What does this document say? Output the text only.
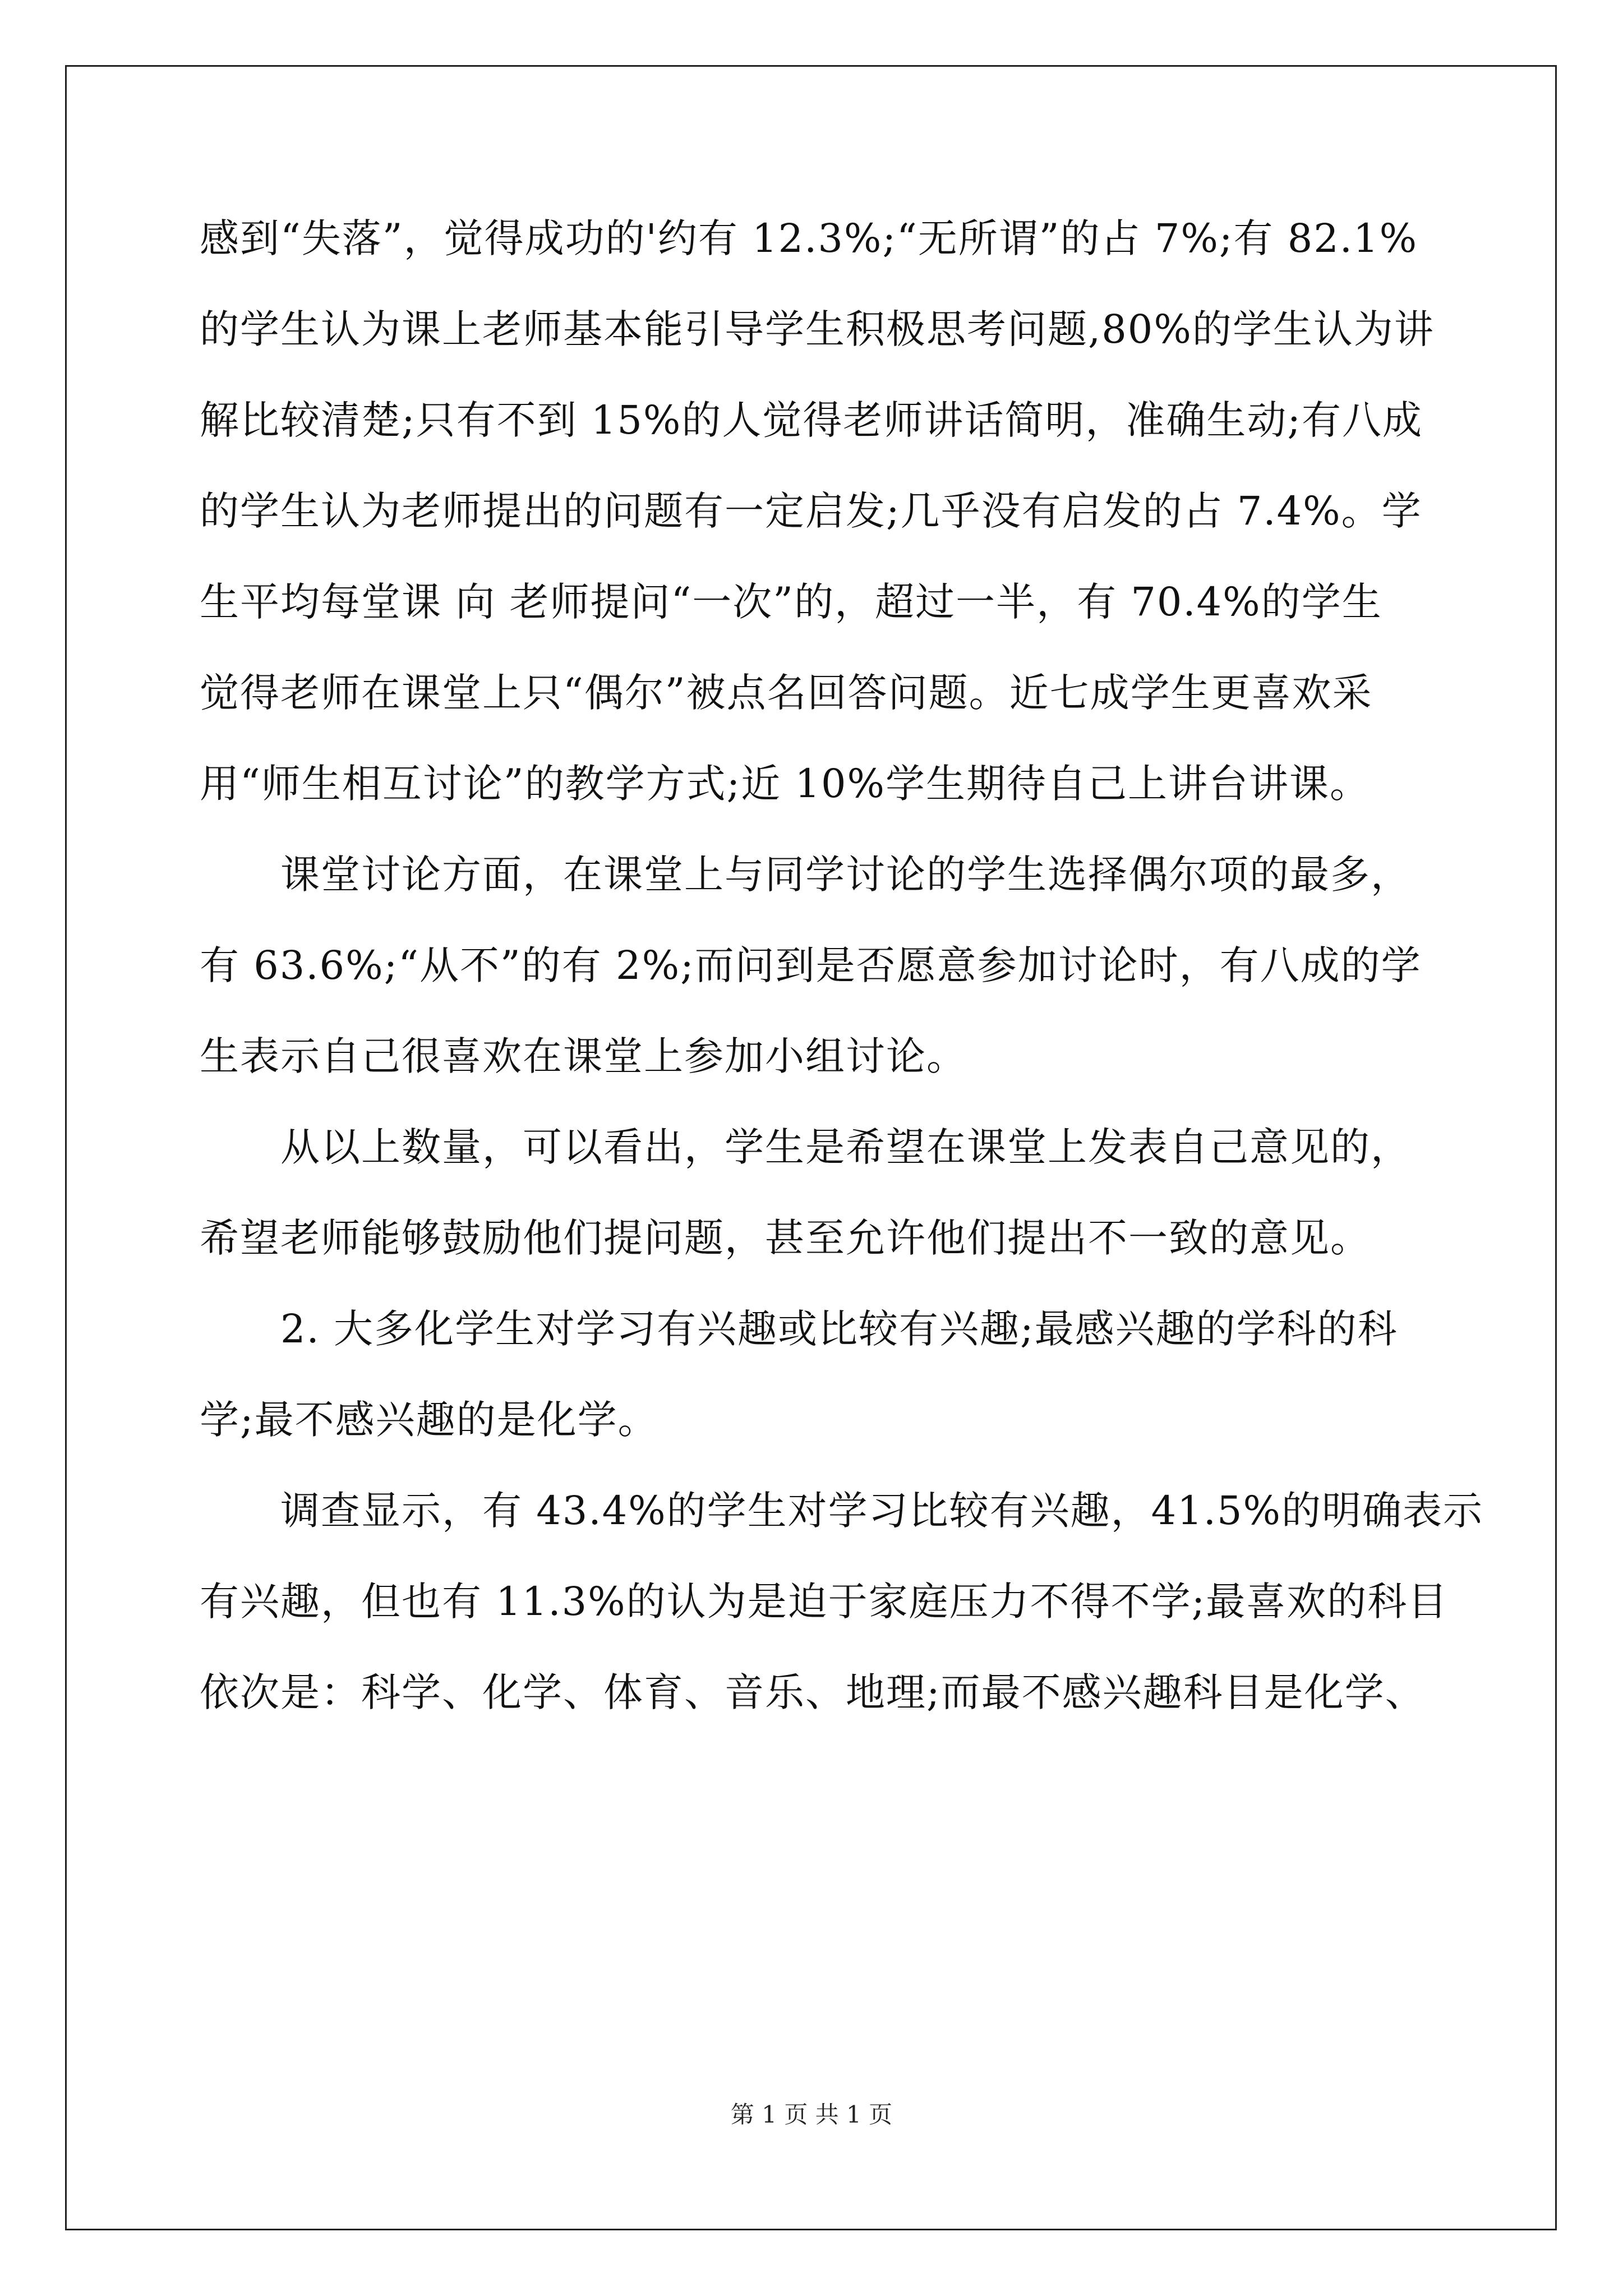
感到“失落”，觉得成功的'约有 12.3%;“无所谓”的占 7%;有 82.1%
的学生认为课上老师基本能引导学生积极思考问题,80%的学生认为讲
解比较清楚;只有不到 15%的人觉得老师讲话简明，准确生动;有八成
的学生认为老师提出的问题有一定启发;几乎没有启发的占 7.4%。学
生平均每堂课 向 老师提问“一次”的，超过一半，有 70.4%的学生
觉得老师在课堂上只“偶尔”被点名回答问题。近七成学生更喜欢采
用“师生相互讨论”的教学方式;近 10%学生期待自己上讲台讲课。
课堂讨论方面，在课堂上与同学讨论的学生选择偶尔项的最多，
有 63.6%;“从不”的有 2%;而问到是否愿意参加讨论时，有八成的学
生表示自己很喜欢在课堂上参加小组讨论。
从以上数量，可以看出，学生是希望在课堂上发表自己意见的，
希望老师能够鼓励他们提问题，甚至允许他们提出不一致的意见。
2. 大多化学生对学习有兴趣或比较有兴趣;最感兴趣的学科的科
学;最不感兴趣的是化学。
调查显示，有 43.4%的学生对学习比较有兴趣，41.5%的明确表示
有兴趣，但也有 11.3%的认为是迫于家庭压力不得不学;最喜欢的科目
依次是：科学、化学、体育、音乐、地理;而最不感兴趣科目是化学、
第 1 页 共 1 页
